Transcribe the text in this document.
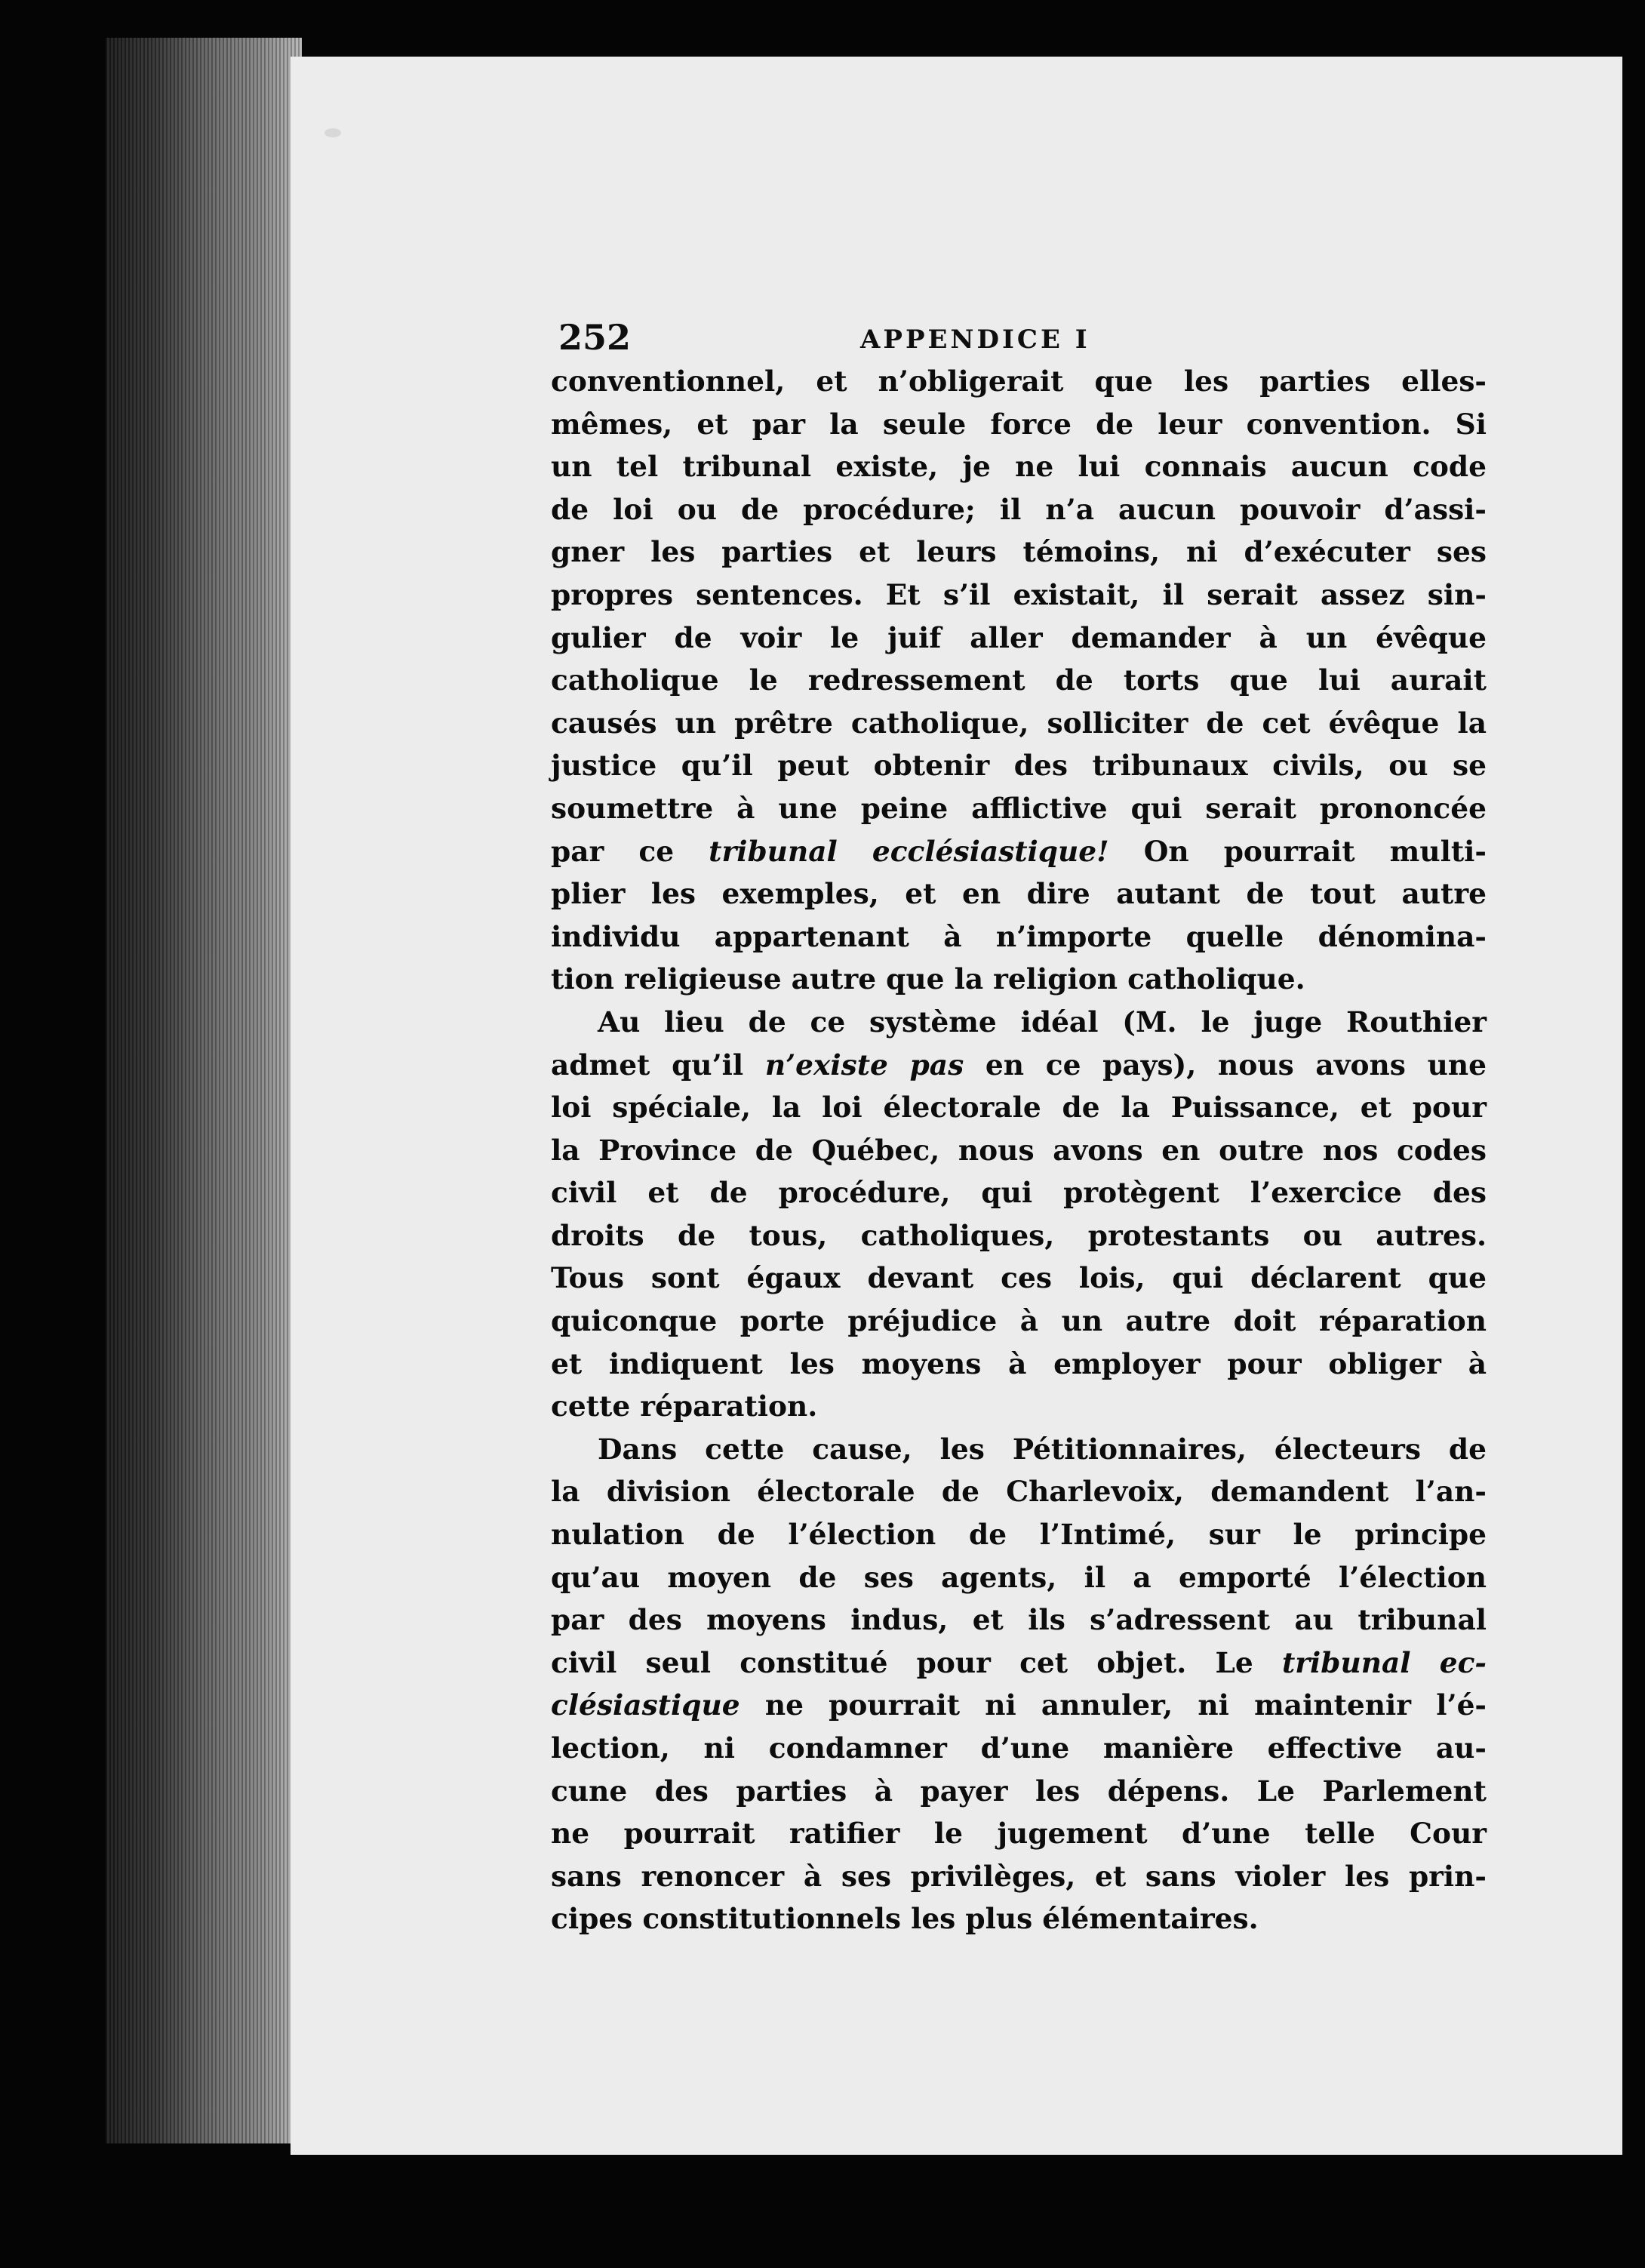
252	APPENDICE I
conventionnel, et n’obligerait que les parties elles-
mêmes, et par la seule force de leur convention. Si
un tel tribunal existe, je ne lui connais aucun code
de loi ou de procédure; il n’a aucun pouvoir d’assi-
gner les parties et leurs témoins, ni d’exécuter ses
propres sentences. Et s’il existait, il serait assez sin-
gulier de voir le juif aller demander à un évêque
catholique le redressement de torts que lui aurait
causés un prêtre catholique, solliciter de cet évêque la
justice qu’il peut obtenir des tribunaux civils, ou se
soumettre à une peine afflictive qui serait prononcée
par ce tribunal ecclésiastique! On pourrait multi-
plier les exemples, et en dire autant de tout autre
individu appartenant à n’importe quelle dénomina-
tion religieuse autre que la religion catholique.
Au lieu de ce système idéal (M. le juge Routhier
admet qu’il n’existe pas en ce pays), nous avons une
loi spéciale, la loi électorale de la Puissance, et pour
la Province de Québec, nous avons en outre nos codes
civil et de procédure, qui protègent l’exercice des
droits de tous, catholiques, protestants ou autres.
Tous sont égaux devant ces lois, qui déclarent que
quiconque porte préjudice à un autre doit réparation
et indiquent les moyens à employer pour obliger à
cette réparation.
Dans cette cause, les Pétitionnaires, électeurs de
la division électorale de Charlevoix, demandent l’an-
nulation de l’élection de l’Intimé, sur le principe
qu’au moyen de ses agents, il a emporté l’élection
par des moyens indus, et ils s’adressent au tribunal
civil seul constitué pour cet objet. Le tribunal ec-
clésiastique ne pourrait ni annuler, ni maintenir l’é-
lection, ni condamner d’une manière effective au-
cune des parties à payer les dépens. Le Parlement
ne pourrait ratifier le jugement d’une telle Cour
sans renoncer à ses privilèges, et sans violer les prin-
cipes constitutionnels les plus élémentaires.
